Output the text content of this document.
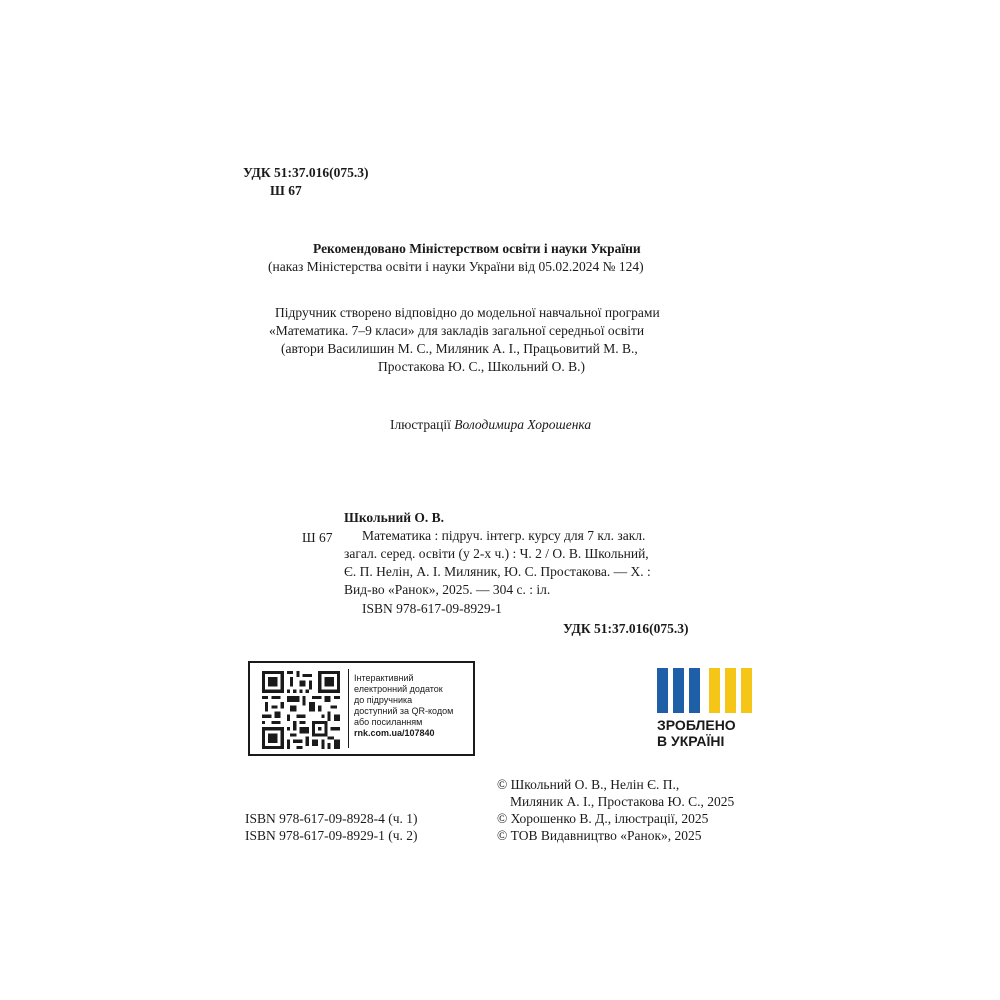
УДК 51:37.016(075.3)
Ш 67
Рекомендовано Міністерством освіти і науки України
(наказ Міністерства освіти і науки України від 05.02.2024 № 124)
Підручник створено відповідно до модельної навчальної програми
«Математика. 7–9 класи» для закладів загальної середньої освіти
(автори Василишин М. С., Миляник А. І., Працьовитий М. В.,
Простакова Ю. С., Школьний О. В.)
Ілюстрації Володимира Хорошенка
Школьний О. В.
Ш 67 Математика : підруч. інтегр. курсу для 7 кл. закл.
загал. серед. освіти (у 2-х ч.) : Ч. 2 / О. В. Школьний,
Є. П. Нелін, А. І. Миляник, Ю. С. Простакова. — Х. :
Вид-во «Ранок», 2025. — 304 с. : іл.
ISBN 978-617-09-8929-1
УДК 51:37.016(075.3)
Інтерактивний
електронний додаток
до підручника
доступний за QR-кодом
або посиланням
rnk.com.ua/107840	ЗРОБЛЕНО
В УКРАЇНІ
ISBN 978-617-09-8928-4 (ч. 1)
ISBN 978-617-09-8929-1 (ч. 2)
© Школьний О. В., Нелін Є. П.,
Миляник А. І., Простакова Ю. С., 2025
© Хорошенко В. Д., ілюстрації, 2025
© ТОВ Видавництво «Ранок», 2025
